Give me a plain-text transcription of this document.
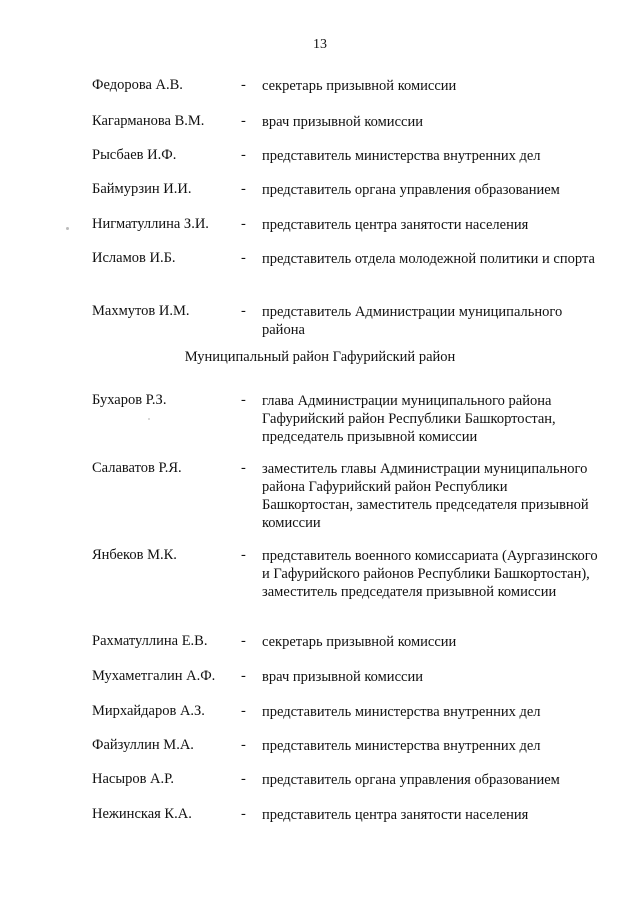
13
Федорова А.В.	- секретарь призывной комиссии
Кагарманова В.М.	- врач призывной комиссии
Рысбаев И.Ф.	- представитель министерства внутренних дел
Баймурзин И.И.	- представитель органа управления образованием
Нигматуллина З.И. - представитель центра занятости населения
Исламов И.Б.	- представитель отдела молодежной политики и спорта
Махмутов И.М.	- представитель Администрации муниципального района
Муниципальный район Гафурийский район
Бухаров Р.З.	- глава Администрации муниципального района Гафурийский район Республики Башкортостан, председатель призывной комиссии
Салаватов Р.Я.	- заместитель главы Администрации муниципального района Гафурийский район Республики Башкортостан, заместитель председателя призывной комиссии
Янбеков М.К.	- представитель военного комиссариата (Аургазинского и Гафурийского районов Республики Башкортостан), заместитель председателя призывной комиссии
Рахматуллина Е.В. - секретарь призывной комиссии
Мухаметгалин А.Ф. - врач призывной комиссии
Мирхайдаров А.З. - представитель министерства внутренних дел
Файзуллин М.А.	- представитель министерства внутренних дел
Насыров А.Р.	- представитель органа управления образованием
Нежинская К.А.	- представитель центра занятости населения
